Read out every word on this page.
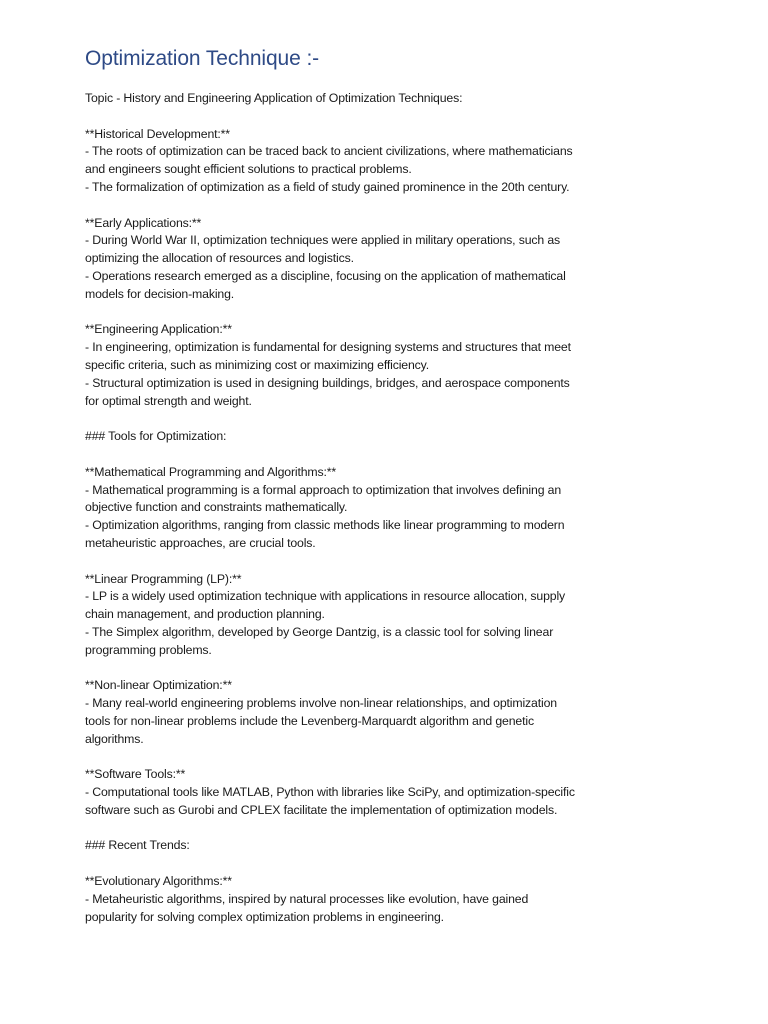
Optimization Technique :-
Topic - History and Engineering Application of Optimization Techniques:
**Historical Development:**
- The roots of optimization can be traced back to ancient civilizations, where mathematicians
and engineers sought efficient solutions to practical problems.
- The formalization of optimization as a field of study gained prominence in the 20th century.
**Early Applications:**
- During World War II, optimization techniques were applied in military operations, such as
optimizing the allocation of resources and logistics.
- Operations research emerged as a discipline, focusing on the application of mathematical
models for decision-making.
**Engineering Application:**
- In engineering, optimization is fundamental for designing systems and structures that meet
specific criteria, such as minimizing cost or maximizing efficiency.
- Structural optimization is used in designing buildings, bridges, and aerospace components
for optimal strength and weight.
### Tools for Optimization:
**Mathematical Programming and Algorithms:**
- Mathematical programming is a formal approach to optimization that involves defining an
objective function and constraints mathematically.
- Optimization algorithms, ranging from classic methods like linear programming to modern
metaheuristic approaches, are crucial tools.
**Linear Programming (LP):**
- LP is a widely used optimization technique with applications in resource allocation, supply
chain management, and production planning.
- The Simplex algorithm, developed by George Dantzig, is a classic tool for solving linear
programming problems.
**Non-linear Optimization:**
- Many real-world engineering problems involve non-linear relationships, and optimization
tools for non-linear problems include the Levenberg-Marquardt algorithm and genetic
algorithms.
**Software Tools:**
- Computational tools like MATLAB, Python with libraries like SciPy, and optimization-specific
software such as Gurobi and CPLEX facilitate the implementation of optimization models.
### Recent Trends:
**Evolutionary Algorithms:**
- Metaheuristic algorithms, inspired by natural processes like evolution, have gained
popularity for solving complex optimization problems in engineering.
